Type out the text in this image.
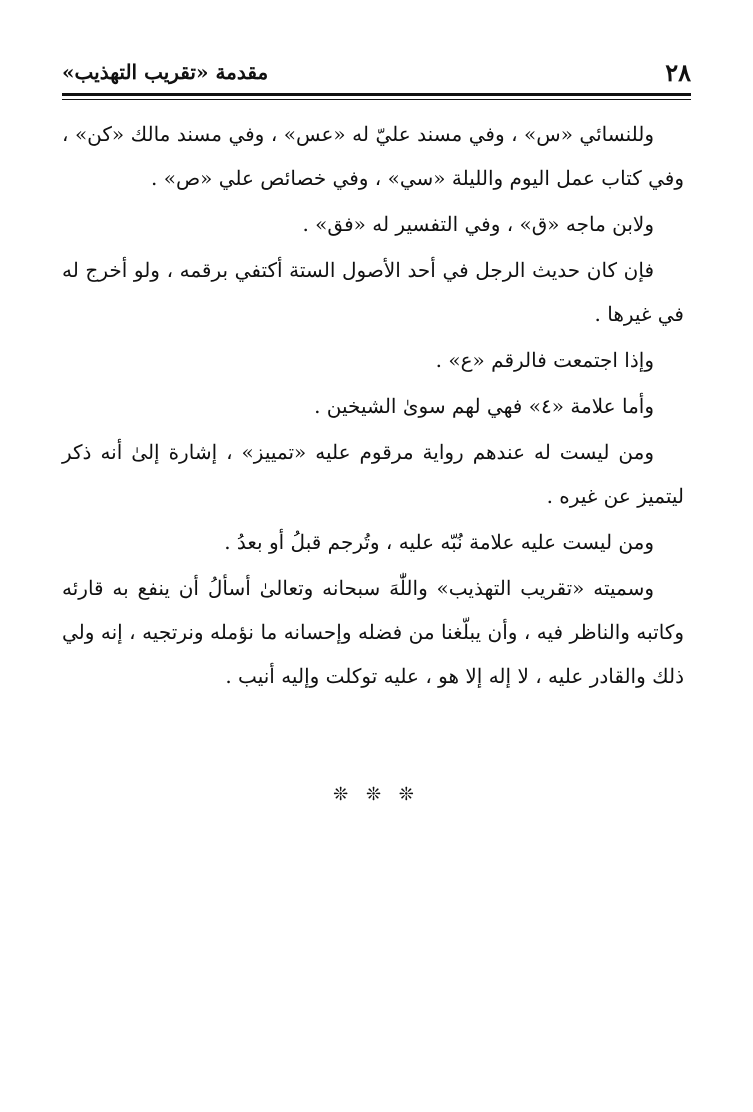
٢٨
مقدمة «تقريب التهذيب»

وللنسائي «س» ، وفي مسند عليّ له «عس» ، وفي مسند مالك «كن» ، وفي كتاب عمل اليوم والليلة «سي» ، وفي خصائص علي «ص» .

ولابن ماجه «ق» ، وفي التفسير له «فق» .

فإن كان حديث الرجل في أحد الأصول الستة أكتفي برقمه ، ولو أخرج له في غيرها .

وإذا اجتمعت فالرقم «ع» .

وأما علامة «٤» فهي لهم سوىٰ الشيخين .

ومن ليست له عندهم رواية مرقوم عليه «تمييز» ، إشارة إلىٰ أنه ذكر ليتميز عن غيره .

ومن ليست عليه علامة نُبّه عليه ، وتُرجم قبلُ أو بعدُ .

وسميته «تقريب التهذيب» واللّٰهَ سبحانه وتعالىٰ أسألُ أن ينفع به قارئه وكاتبه والناظر فيه ، وأن يبلّغنا من فضله وإحسانه ما نؤمله ونرتجيه ، إنه ولي ذلك والقادر عليه ، لا إله إلا هو ، عليه توكلت وإليه أنيب .

❊ ❊ ❊
